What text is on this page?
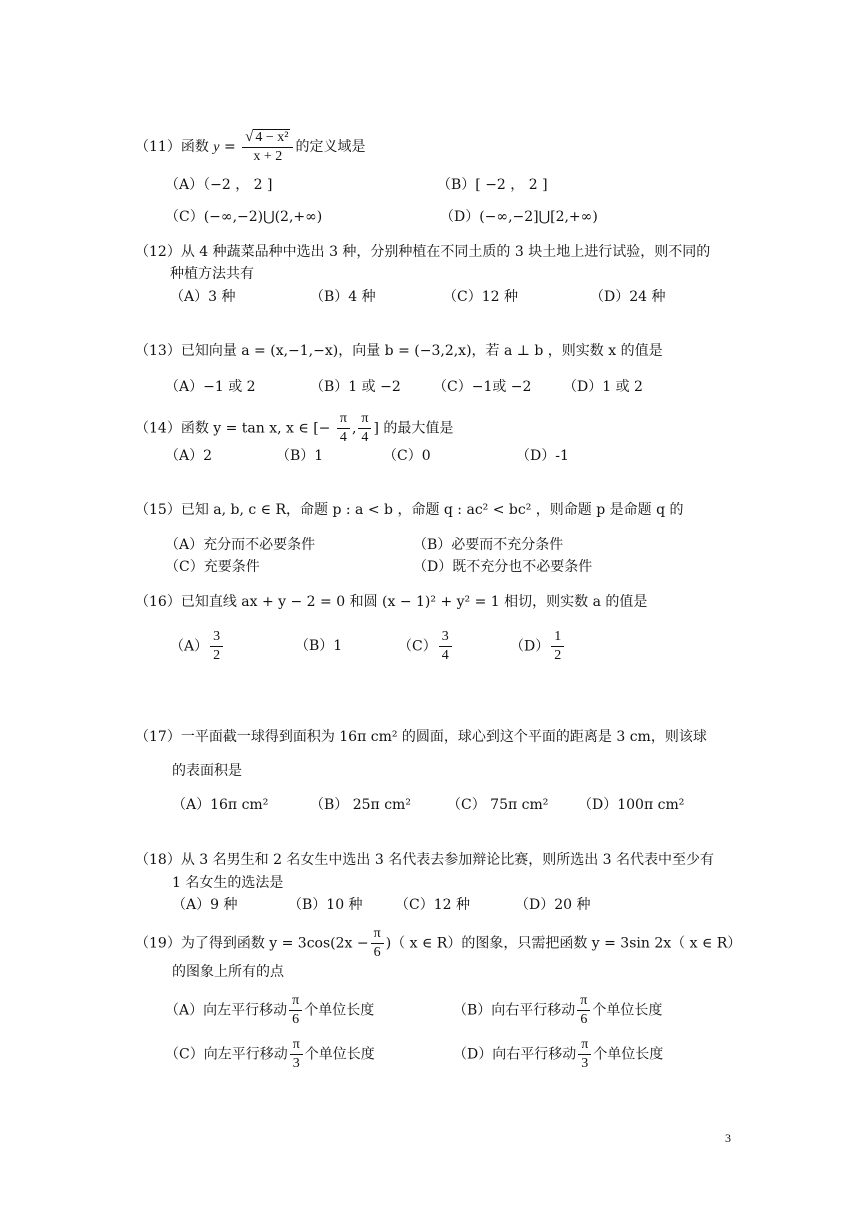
（11）函数 $y = \frac{\text{√ 4 − x²}}{x + 2}$ 的定义域是
（A）（−2 ， 2 ]	（B）[ −2 ， 2 ]
（C）(−∞,−2)⋃(2,+∞)	（D）(−∞,−2]⋃[2,+∞)
（12）从 4 种蔬菜品种中选出 3 种，分别种植在不同土质的 3 块土地上进行试验，则不同的
种植方法共有
（A）3 种	（B）4 种	（C）12 种	（D）24 种
（13）已知向量 a = (x,−1,−x)，向量 b = (−3,2,x)，若 a ⊥ b ，则实数 x 的值是
（A）−1 或 2	（B）1 或 −2 （C）−1或 −2 （D）1 或 2
（14）函数 y = tan x, x ∈ [− $\frac{\pi}{4}$ , $\frac{\pi}{4}$ ] 的最大值是
（A）2	（B）1	（C）0	（D）-1
（15）已知 a, b, c ∈ R，命题 p : a < b ，命题 q : ac² < bc² ，则命题 p 是命题 q 的
（A）充分而不必要条件	（B）必要而不充分条件
（C）充要条件	（D）既不充分也不必要条件
（16）已知直线 ax + y − 2 = 0 和圆 (x − 1)² + y² = 1 相切，则实数 a 的值是
$(A) \frac{3}{2}$	（B）1	$(C) \frac{3}{4}$	$(D) \frac{1}{2}$
（17）一平面截一球得到面积为 16π cm² 的圆面，球心到这个平面的距离是 3 cm，则该球
的表面积是
（A）16π cm²	（B） 25π cm²	（C） 75π cm² （D）100π cm²
（18）从 3 名男生和 2 名女生中选出 3 名代表去参加辩论比赛，则所选出 3 名代表中至少有
1 名女生的选法是
（A）9 种	（B）10 种 （C）12 种	（D）20 种
（19）为了得到函数 $y = 3\cos(2x - \frac{\pi}{6}$ )（ x ∈ R）的图象，只需把函数 y = 3sin 2x（ x ∈ R）
的图象上所有的点
（A）向左平行移动 $\frac{\pi}{6}$ 个单位长度	（B）向右平行移动 $\frac{\pi}{6}$ 个单位长度
（C）向左平行移动 $\frac{\pi}{3}$ 个单位长度	（D）向右平行移动 $\frac{\pi}{3}$ 个单位长度
3
